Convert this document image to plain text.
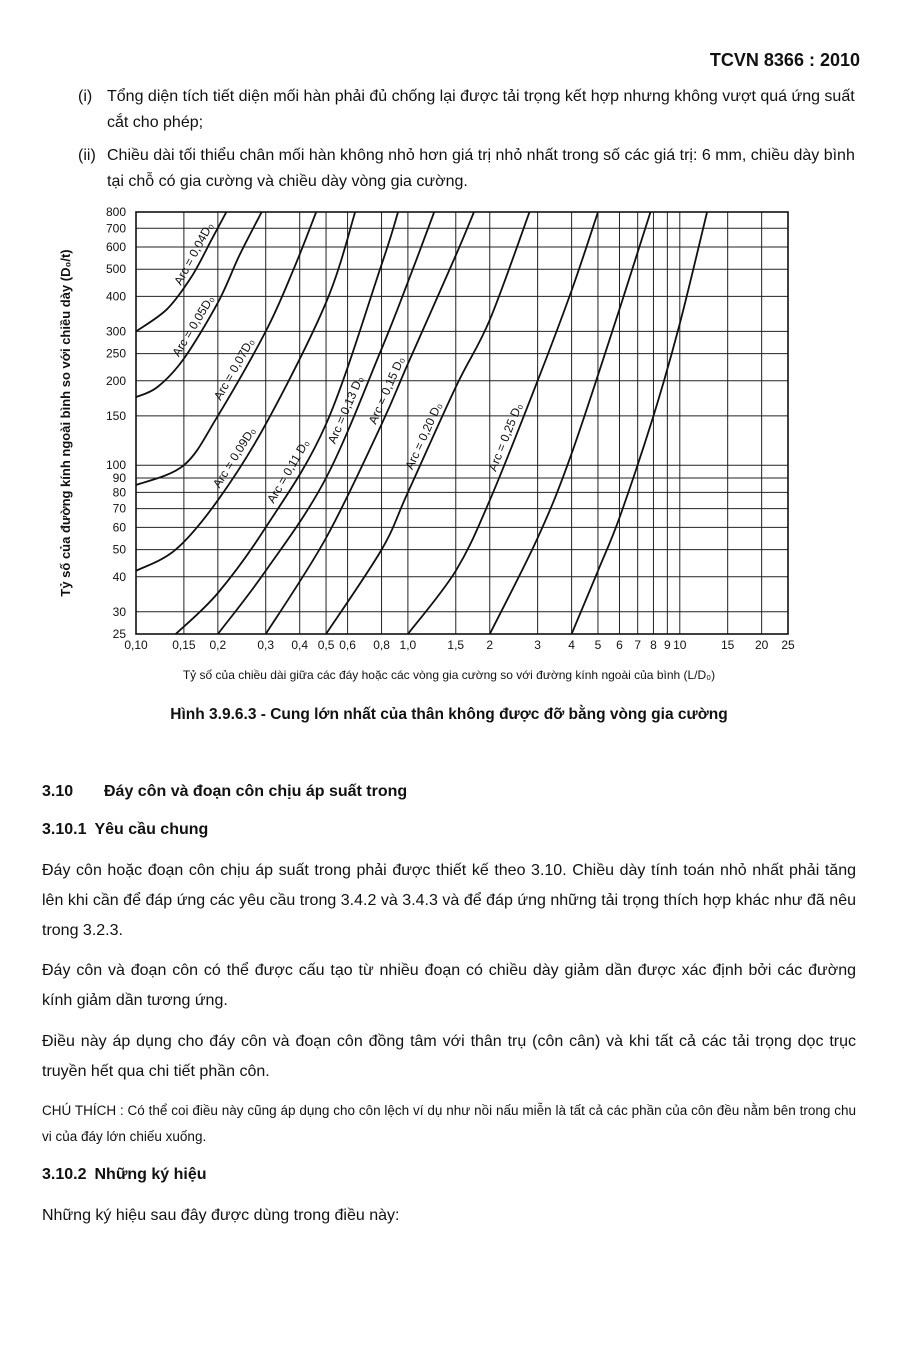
TCVN 8366 : 2010
(i) Tổng diện tích tiết diện mối hàn phải đủ chống lại được tải trọng kết hợp nhưng không vượt quá ứng suất cắt cho phép;
(ii) Chiều dài tối thiểu chân mối hàn không nhỏ hơn giá trị nhỏ nhất trong số các giá trị: 6 mm, chiều dày bình tại chỗ có gia cường và chiều dày vòng gia cường.
0,10 0,15 0,2	0,3 0,4 0,5 0,6 0,8 1,0	1,5 2	3 4 5 6 7 8 9 10	15 20 25
800
700
600
500
400
300
250
200
150
100
90
80
70
60
50
40
30
25
Tỷ số của đường kính ngoài bình so với chiều dày (D₀/t)	Arc = 0,04D₀
Arc = 0,05D₀
Arc = 0,07D₀
Arc = 0,09D₀ Arc = 0,11 D₀
Arc = 0,13 D₀ Arc = 0,15 D₀
Arc = 0,20 D₀	Arc = 0,25 D₀
Tỷ số của chiều dài giữa các đáy hoặc các vòng gia cường so với đường kính ngoài của bình (L/D₀)
Hình 3.9.6.3 - Cung lớn nhất của thân không được đỡ bằng vòng gia cường
3.10 Đáy côn và đoạn côn chịu áp suất trong
3.10.1 Yêu cầu chung
Đáy côn hoặc đoạn côn chịu áp suất trong phải được thiết kế theo 3.10. Chiều dày tính toán nhỏ nhất phải tăng lên khi cần để đáp ứng các yêu cầu trong 3.4.2 và 3.4.3 và để đáp ứng những tải trọng thích hợp khác như đã nêu trong 3.2.3.
Đáy côn và đoạn côn có thể được cấu tạo từ nhiều đoạn có chiều dày giảm dần được xác định bởi các đường kính giảm dần tương ứng.
Điều này áp dụng cho đáy côn và đoạn côn đồng tâm với thân trụ (côn cân) và khi tất cả các tải trọng dọc trục truyền hết qua chi tiết phần côn.
CHÚ THÍCH : Có thể coi điều này cũng áp dụng cho côn lệch ví dụ như nồi nấu miễn là tất cả các phần của côn đều nằm bên trong chu vi của đáy lớn chiếu xuống.
3.10.2 Những ký hiệu
Những ký hiệu sau đây được dùng trong điều này:
